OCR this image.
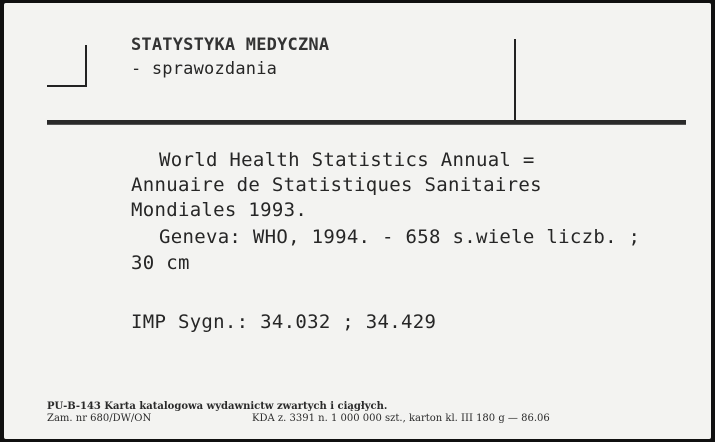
STATYSTYKA MEDYCZNA
- sprawozdania
World Health Statistics Annual =
Annuaire de Statistiques Sanitaires
Mondiales 1993.
Geneva: WHO, 1994. - 658 s.wiele liczb. ;
30 cm
IMP Sygn.: 34.032 ; 34.429
PU-B-143 Karta katalogowa wydawnictw zwartych i ciągłych.
Zam. nr 680/DW/ON	KDA z. 3391 n. 1 000 000 szt., karton kl. III 180 g — 86.06
